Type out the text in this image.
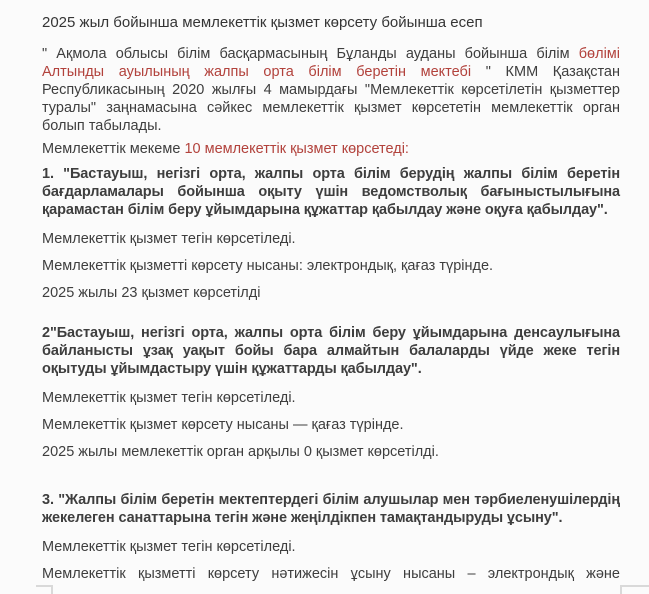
2025 жыл бойынша мемлекеттік қызмет көрсету бойынша есеп

" Ақмола облысы білім басқармасының Бұланды ауданы бойынша білім бөлімі Алтынды ауылының жалпы орта білім беретін мектебі " КММ Қазақстан Республикасының 2020 жылғы 4 мамырдағы "Мемлекеттік көрсетілетін қызметтер туралы" заңнамасына сәйкес мемлекеттік қызмет көрсететін мемлекеттік орган болып табылады.

Мемлекеттік мекеме 10 мемлекеттік қызмет көрсетеді:

1. "Бастауыш, негізгі орта, жалпы орта білім берудің жалпы білім беретін бағдарламалары бойынша оқыту үшін ведомстволық бағыныстылығына қарамастан білім беру ұйымдарына құжаттар қабылдау және оқуға қабылдау".

Мемлекеттік қызмет тегін көрсетіледі.

Мемлекеттік қызметті көрсету нысаны: электрондық, қағаз түрінде.

2025 жылы 23 қызмет көрсетілді

2"Бастауыш, негізгі орта, жалпы орта білім беру ұйымдарына денсаулығына байланысты ұзақ уақыт бойы бара алмайтын балаларды үйде жеке тегін оқытуды ұйымдастыру үшін құжаттарды қабылдау".

Мемлекеттік қызмет тегін көрсетіледі.

Мемлекеттік қызмет көрсету нысаны — қағаз түрінде.

2025 жылы мемлекеттік орган арқылы 0 қызмет көрсетілді.

3. "Жалпы білім беретін мектептердегі білім алушылар мен тәрбиеленушілердің жекелеген санаттарына тегін және жеңілдікпен тамақтандыруды ұсыну".

Мемлекеттік қызмет тегін көрсетіледі.

Мемлекеттік қызметті көрсету нәтижесін ұсыну нысаны – электрондық және
